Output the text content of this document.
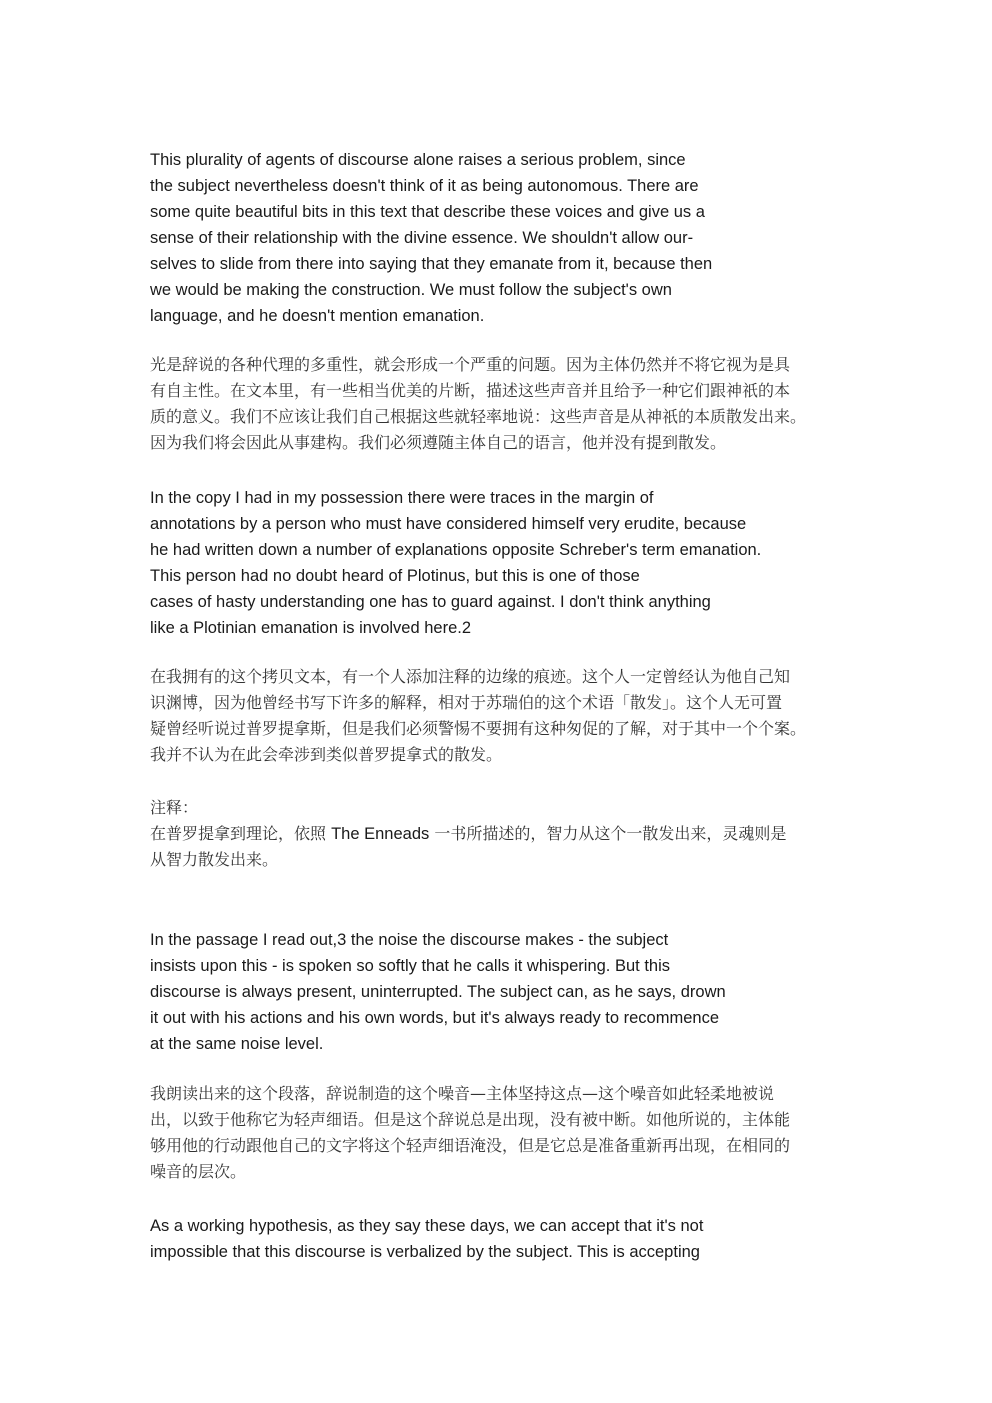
This plurality of agents of discourse alone raises a serious problem, since
the subject nevertheless doesn't think of it as being autonomous. There are
some quite beautiful bits in this text that describe these voices and give us a
sense of their relationship with the divine essence. We shouldn't allow our-
selves to slide from there into saying that they emanate from it, because then
we would be making the construction. We must follow the subject's own
language, and he doesn't mention emanation.
光是辞说的各种代理的多重性，就会形成一个严重的问题。因为主体仍然并不将它视为是具
有自主性。在文本里，有一些相当优美的片断，描述这些声音并且给予一种它们跟神祇的本
质的意义。我们不应该让我们自己根据这些就轻率地说：这些声音是从神祇的本质散发出来。
因为我们将会因此从事建构。我们必须遵随主体自己的语言，他并没有提到散发。
In the copy I had in my possession there were traces in the margin of
annotations by a person who must have considered himself very erudite, because
he had written down a number of explanations opposite Schreber's term emanation.
This person had no doubt heard of Plotinus, but this is one of those
cases of hasty understanding one has to guard against. I don't think anything
like a Plotinian emanation is involved here.2
在我拥有的这个拷贝文本，有一个人添加注释的边缘的痕迹。这个人一定曾经认为他自己知
识渊博，因为他曾经书写下许多的解释，相对于苏瑞伯的这个术语「散发」。这个人无可置
疑曾经听说过普罗提拿斯，但是我们必须警惕不要拥有这种匆促的了解，对于其中一个个案。
我并不认为在此会牵涉到类似普罗提拿式的散发。
注释：
在普罗提拿到理论，依照 The Enneads 一书所描述的，智力从这个一散发出来，灵魂则是
从智力散发出来。
In the passage I read out,3 the noise the discourse makes - the subject
insists upon this - is spoken so softly that he calls it whispering. But this
discourse is always present, uninterrupted. The subject can, as he says, drown
it out with his actions and his own words, but it's always ready to recommence
at the same noise level.
我朗读出来的这个段落，辞说制造的这个噪音—主体坚持这点—这个噪音如此轻柔地被说
出，以致于他称它为轻声细语。但是这个辞说总是出现，没有被中断。如他所说的，主体能
够用他的行动跟他自己的文字将这个轻声细语淹没，但是它总是准备重新再出现，在相同的
噪音的层次。
As a working hypothesis, as they say these days, we can accept that it's not
impossible that this discourse is verbalized by the subject. This is accepting
